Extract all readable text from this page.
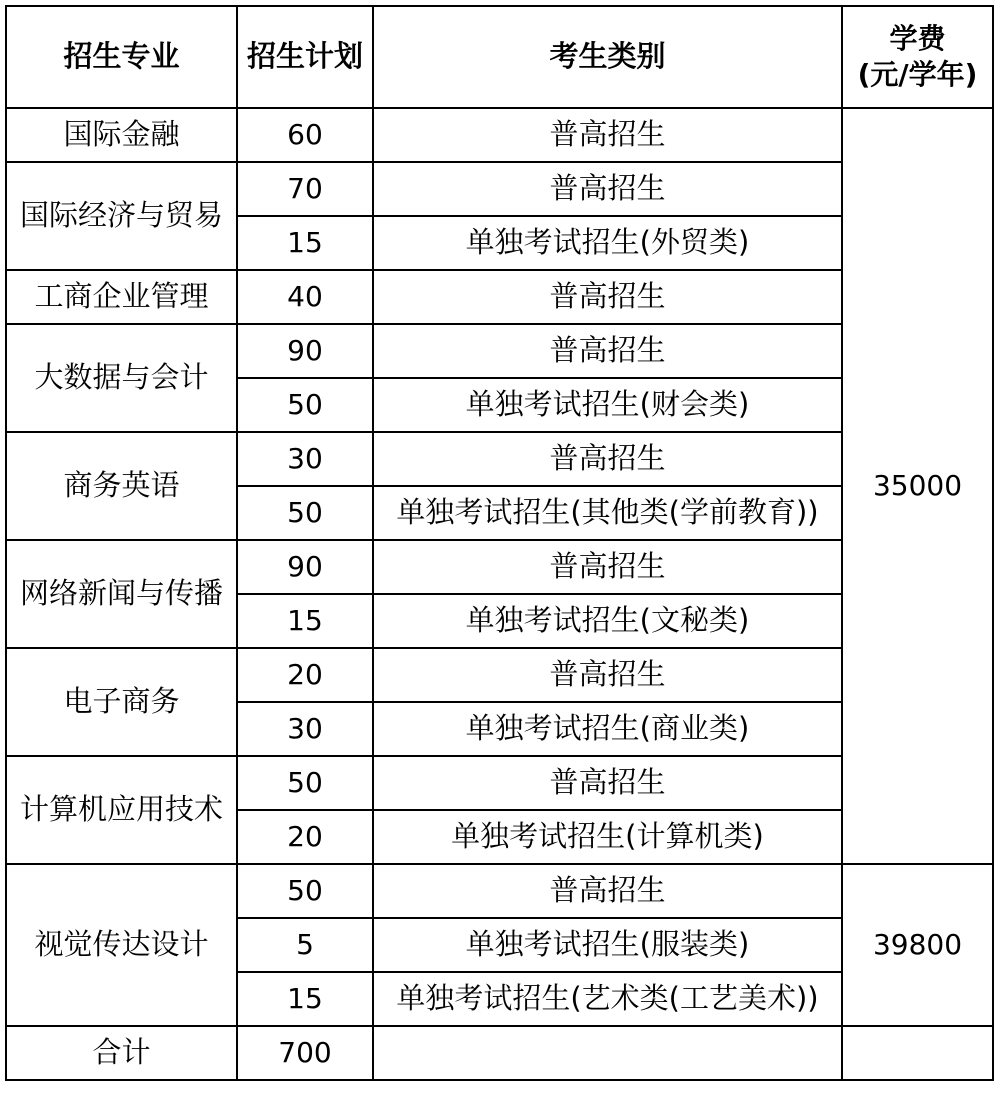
招生专业	招生计划	考生类别	学费
(元/学年)

国际金融	60	普高招生	35000
国际经济与贸易	70	普高招生	
	15	单独考试招生(外贸类)	
工商企业管理	40	普高招生	
大数据与会计	90	普高招生	
	50	单独考试招生(财会类)	
商务英语	30	普高招生	
	50	单独考试招生(其他类(学前教育))	
网络新闻与传播	90	普高招生	
	15	单独考试招生(文秘类)	
电子商务	20	普高招生	
	30	单独考试招生(商业类)	
计算机应用技术	50	普高招生	
	20	单独考试招生(计算机类)	
视觉传达设计	50	普高招生	39800
	5	单独考试招生(服装类)	
	15	单独考试招生(艺术类(工艺美术))	
合计	700		
